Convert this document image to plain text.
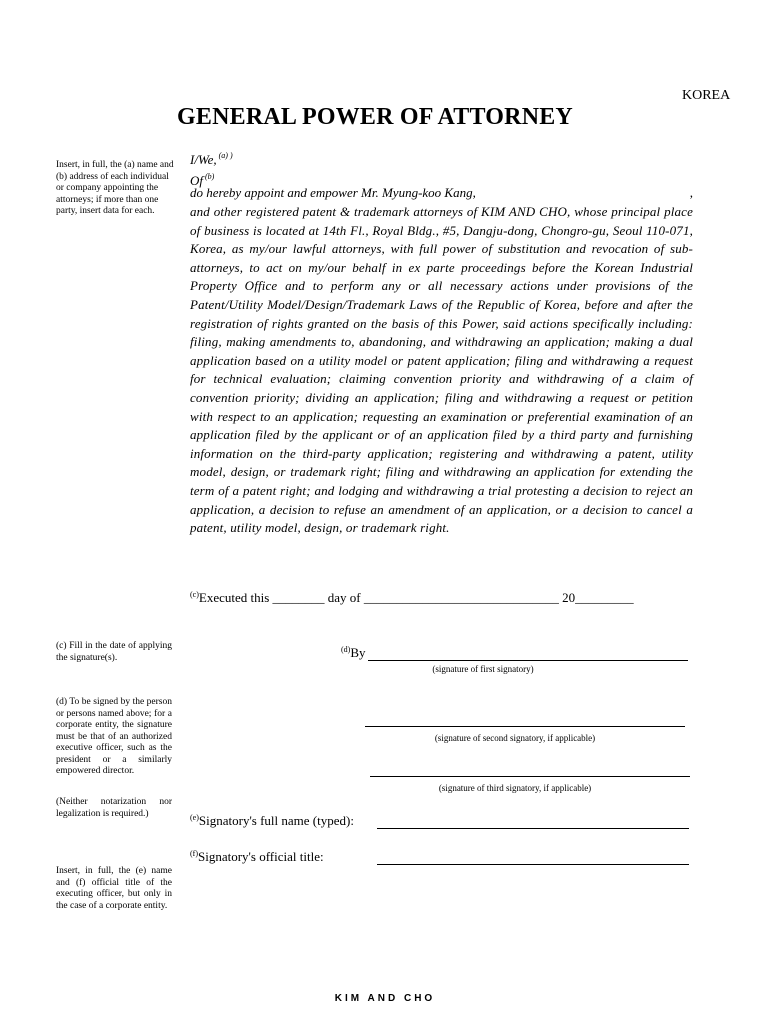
KOREA
GENERAL POWER OF ATTORNEY
Insert, in full, the (a) name and (b) address of each individual or company appointing the attorneys; if more than one party, insert data for each.
(c) Fill in the date of applying the signature(s).
(d) To be signed by the person or persons named above; for a corporate entity, the signature must be that of an authorized executive officer, such as the president or a similarly empowered director.
(Neither notarization nor legalization is required.)
Insert, in full, the (e) name and (f) official title of the executing officer, but only in the case of a corporate entity.
I/We, $^{(a) )}$
Of $^{(b)}$
do hereby appoint and empower Mr. Myung-koo Kang,	,
and other registered patent & trademark attorneys of KIM AND CHO, whose principal place of business is located at 14th Fl., Royal Bldg., #5, Dangju-dong, Chongro-gu, Seoul 110-071, Korea, as my/our lawful attorneys, with full power of substitution and revocation of sub-attorneys, to act on my/our behalf in ex parte proceedings before the Korean Industrial Property Office and to perform any or all necessary actions under provisions of the Patent/Utility Model/Design/Trademark Laws of the Republic of Korea, before and after the registration of rights granted on the basis of this Power, said actions specifically including: filing, making amendments to, abandoning, and withdrawing an application; making a dual application based on a utility model or patent application; filing and withdrawing a request for technical evaluation; claiming convention priority and withdrawing of a claim of convention priority; dividing an application; filing and withdrawing a request or petition with respect to an application; requesting an examination or preferential examination of an application filed by the applicant or of an application filed by a third party and furnishing information on the third-party application; registering and withdrawing a patent, utility model, design, or trademark right; filing and withdrawing an application for extending the term of a patent right; and lodging and withdrawing a trial protesting a decision to reject an application, a decision to refuse an amendment of an application, or a decision to cancel a patent, utility model, design, or trademark right.
$^{(c)}$Executed this ________ day of ______________________________ 20_________
$^{(d)}$By
(signature of first signatory)
(signature of second signatory, if applicable)
(signature of third signatory, if applicable)
$^{(e)}$Signatory's full name (typed):
$^{(f)}$Signatory's official title:
KIM AND CHO
